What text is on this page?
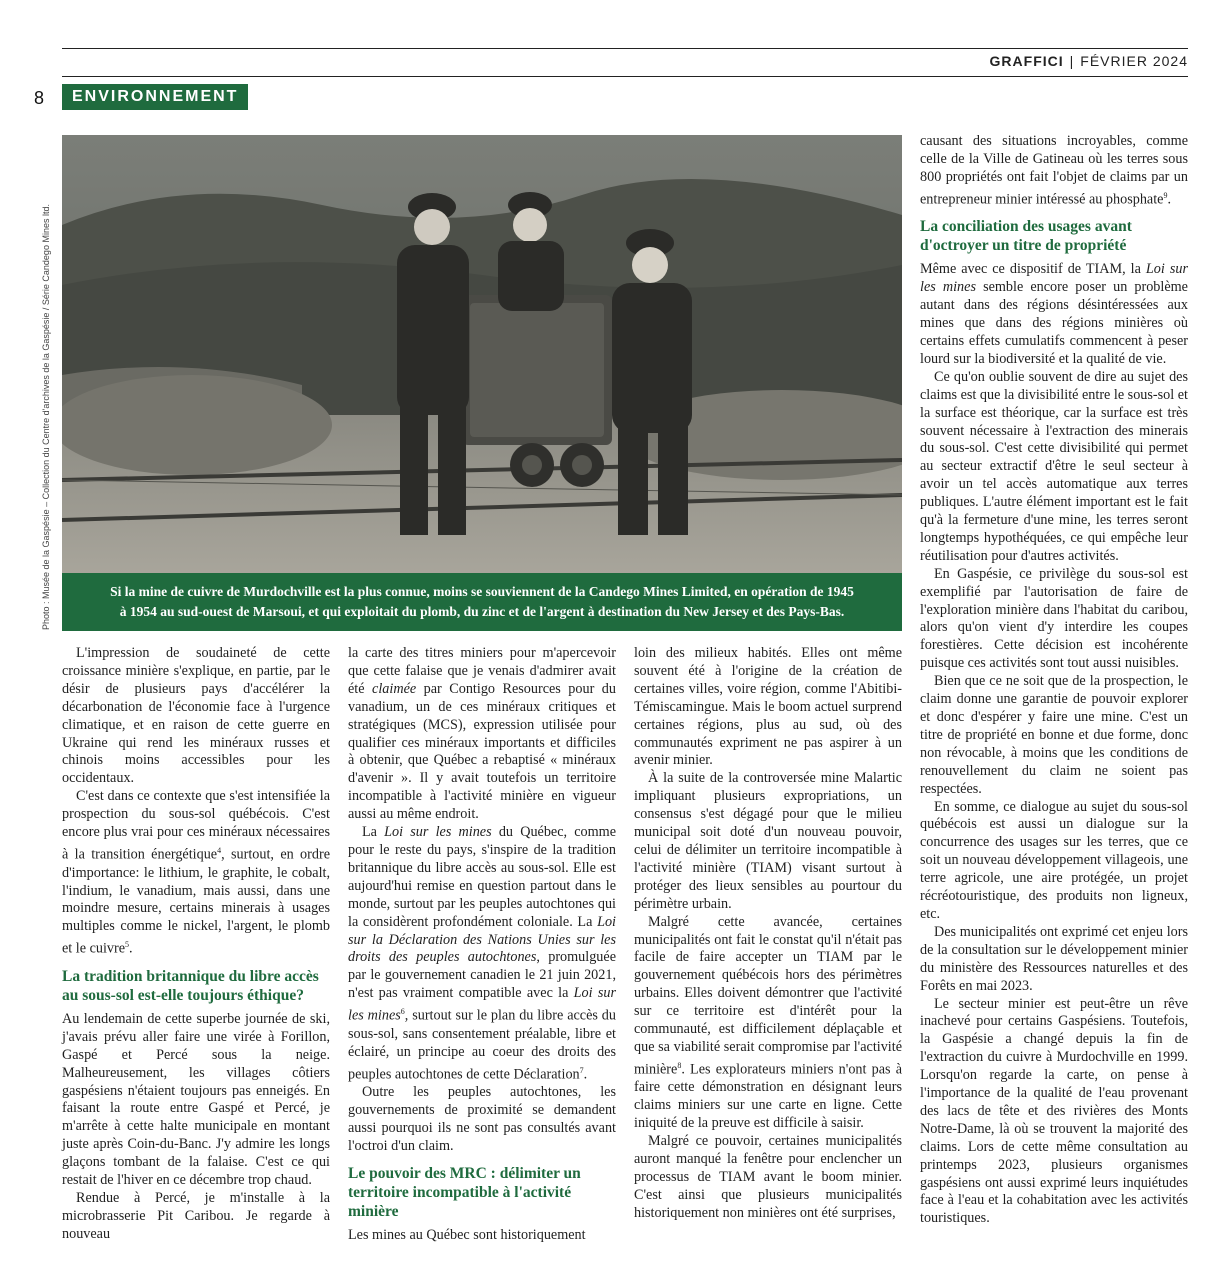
GRAFFICI | FÉVRIER 2024
8	ENVIRONNEMENT
Photo : Musée de la Gaspésie – Collection du Centre d'archives de la Gaspésie / Série Candego Mines ltd.	Si la mine de cuivre de Murdochville est la plus connue, moins se souviennent de la Candego Mines Limited, en opération de 1945
à 1954 au sud-ouest de Marsoui, et qui exploitait du plomb, du zinc et de l'argent à destination du New Jersey et des Pays-Bas.

L'impression de soudaineté de cette croissance minière s'explique, en partie, par le désir de plusieurs pays d'accélérer la décarbonation de l'économie face à l'urgence climatique, et en raison de cette guerre en Ukraine qui rend les minéraux russes et chinois moins accessibles pour les occidentaux.

C'est dans ce contexte que s'est intensifiée la prospection du sous-sol québécois. C'est encore plus vrai pour ces minéraux nécessaires à la transition énergétique$^4$, surtout, en ordre d'importance: le lithium, le graphite, le cobalt, l'indium, le vanadium, mais aussi, dans une moindre mesure, certains minerais à usages multiples comme le nickel, l'argent, le plomb et le cuivre$^5$.

La tradition britannique du libre accès au sous-sol est-elle toujours éthique?

Au lendemain de cette superbe journée de ski, j'avais prévu aller faire une virée à Forillon, Gaspé et Percé sous la neige. Malheureusement, les villages côtiers gaspésiens n'étaient toujours pas enneigés. En faisant la route entre Gaspé et Percé, je m'arrête à cette halte municipale en montant juste après Coin-du-Banc. J'y admire les longs glaçons tombant de la falaise. C'est ce qui restait de l'hiver en ce décembre trop chaud.

Rendue à Percé, je m'installe à la microbrasserie Pit Caribou. Je regarde à nouveau

la carte des titres miniers pour m'apercevoir que cette falaise que je venais d'admirer avait été claimée par Contigo Resources pour du vanadium, un de ces minéraux critiques et stratégiques (MCS), expression utilisée pour qualifier ces minéraux importants et difficiles à obtenir, que Québec a rebaptisé « minéraux d'avenir ». Il y avait toutefois un territoire incompatible à l'activité minière en vigueur aussi au même endroit.

La Loi sur les mines du Québec, comme pour le reste du pays, s'inspire de la tradition britannique du libre accès au sous-sol. Elle est aujourd'hui remise en question partout dans le monde, surtout par les peuples autochtones qui la considèrent profondément coloniale. La Loi sur la Déclaration des Nations Unies sur les droits des peuples autochtones, promulguée par le gouvernement canadien le 21 juin 2021, n'est pas vraiment compatible avec la Loi sur les mines$^6$, surtout sur le plan du libre accès du sous-sol, sans consentement préalable, libre et éclairé, un principe au coeur des droits des peuples autochtones de cette Déclaration$^7$.

Outre les peuples autochtones, les gouvernements de proximité se demandent aussi pourquoi ils ne sont pas consultés avant l'octroi d'un claim.

Le pouvoir des MRC : délimiter un territoire incompatible à l'activité minière

Les mines au Québec sont historiquement

loin des milieux habités. Elles ont même souvent été à l'origine de la création de certaines villes, voire région, comme l'Abitibi-Témiscamingue. Mais le boom actuel surprend certaines régions, plus au sud, où des communautés expriment ne pas aspirer à un avenir minier.

À la suite de la controversée mine Malartic impliquant plusieurs expropriations, un consensus s'est dégagé pour que le milieu municipal soit doté d'un nouveau pouvoir, celui de délimiter un territoire incompatible à l'activité minière (TIAM) visant surtout à protéger des lieux sensibles au pourtour du périmètre urbain.

Malgré cette avancée, certaines municipalités ont fait le constat qu'il n'était pas facile de faire accepter un TIAM par le gouvernement québécois hors des périmètres urbains. Elles doivent démontrer que l'activité sur ce territoire est d'intérêt pour la communauté, est difficilement déplaçable et que sa viabilité serait compromise par l'activité minière$^8$. Les explorateurs miniers n'ont pas à faire cette démonstration en désignant leurs claims miniers sur une carte en ligne. Cette iniquité de la preuve est difficile à saisir.

Malgré ce pouvoir, certaines municipalités auront manqué la fenêtre pour enclencher un processus de TIAM avant le boom minier. C'est ainsi que plusieurs municipalités historiquement non minières ont été surprises,

causant des situations incroyables, comme celle de la Ville de Gatineau où les terres sous 800 propriétés ont fait l'objet de claims par un entrepreneur minier intéressé au phosphate$^9$.

La conciliation des usages avant d'octroyer un titre de propriété

Même avec ce dispositif de TIAM, la Loi sur les mines semble encore poser un problème autant dans des régions désintéressées aux mines que dans des régions minières où certains effets cumulatifs commencent à peser lourd sur la biodiversité et la qualité de vie.

Ce qu'on oublie souvent de dire au sujet des claims est que la divisibilité entre le sous-sol et la surface est théorique, car la surface est très souvent nécessaire à l'extraction des minerais du sous-sol. C'est cette divisibilité qui permet au secteur extractif d'être le seul secteur à avoir un tel accès automatique aux terres publiques. L'autre élément important est le fait qu'à la fermeture d'une mine, les terres seront longtemps hypothéquées, ce qui empêche leur réutilisation pour d'autres activités.

En Gaspésie, ce privilège du sous-sol est exemplifié par l'autorisation de faire de l'exploration minière dans l'habitat du caribou, alors qu'on vient d'y interdire les coupes forestières. Cette décision est incohérente puisque ces activités sont tout aussi nuisibles.

Bien que ce ne soit que de la prospection, le claim donne une garantie de pouvoir explorer et donc d'espérer y faire une mine. C'est un titre de propriété en bonne et due forme, donc non révocable, à moins que les conditions de renouvellement du claim ne soient pas respectées.

En somme, ce dialogue au sujet du sous-sol québécois est aussi un dialogue sur la concurrence des usages sur les terres, que ce soit un nouveau développement villageois, une terre agricole, une aire protégée, un projet récréotouristique, des produits non ligneux, etc.

Des municipalités ont exprimé cet enjeu lors de la consultation sur le développement minier du ministère des Ressources naturelles et des Forêts en mai 2023.

Le secteur minier est peut-être un rêve inachevé pour certains Gaspésiens. Toutefois, la Gaspésie a changé depuis la fin de l'extraction du cuivre à Murdochville en 1999. Lorsqu'on regarde la carte, on pense à l'importance de la qualité de l'eau provenant des lacs de tête et des rivières des Monts Notre-Dame, là où se trouvent la majorité des claims. Lors de cette même consultation au printemps 2023, plusieurs organismes gaspésiens ont aussi exprimé leurs inquiétudes face à l'eau et la cohabitation avec les activités touristiques.
